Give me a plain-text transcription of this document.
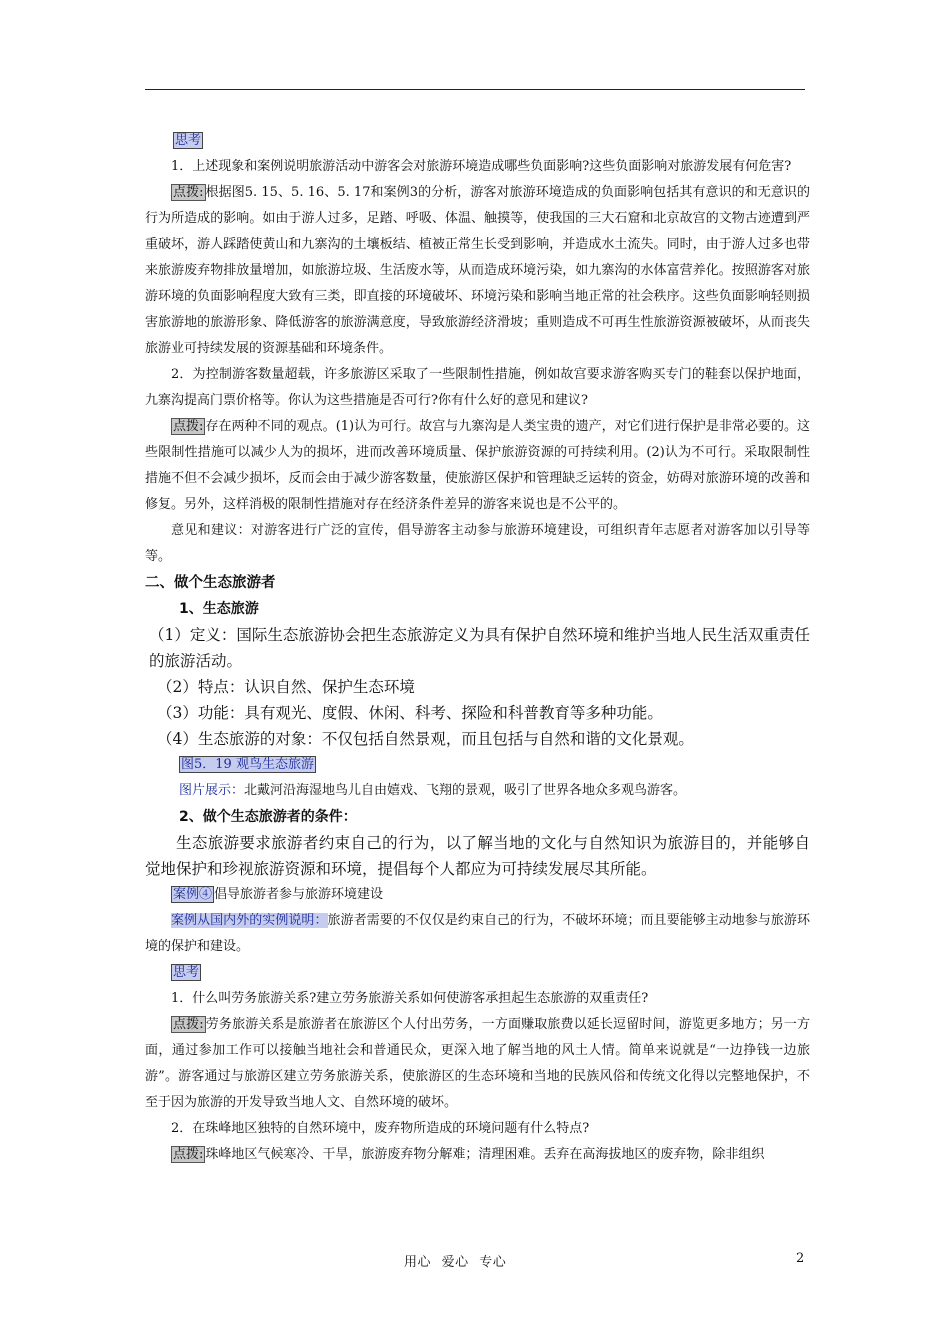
思考

1．上述现象和案例说明旅游活动中游客会对旅游环境造成哪些负面影响?这些负面影响对旅游发展有何危害?

点拨: 根据图5. 15、5. 16、5. 17和案例3的分析，游客对旅游环境造成的负面影响包括其有意识的和无意识的行为所造成的影响。如由于游人过多，足踏、呼吸、体温、触摸等，使我国的三大石窟和北京故宫的文物古迹遭到严重破坏，游人踩踏使黄山和九寨沟的土壤板结、植被正常生长受到影响，并造成水土流失。同时，由于游人过多也带来旅游废弃物排放量增加，如旅游垃圾、生活废水等，从而造成环境污染，如九寨沟的水体富营养化。按照游客对旅游环境的负面影响程度大致有三类，即直接的环境破坏、环境污染和影响当地正常的社会秩序。这些负面影响轻则损害旅游地的旅游形象、降低游客的旅游满意度，导致旅游经济滑坡；重则造成不可再生性旅游资源被破坏，从而丧失旅游业可持续发展的资源基础和环境条件。

2．为控制游客数量超载，许多旅游区采取了一些限制性措施，例如故宫要求游客购买专门的鞋套以保护地面，九寨沟提高门票价格等。你认为这些措施是否可行?你有什么好的意见和建议?

点拨: 存在两种不同的观点。(1)认为可行。故宫与九寨沟是人类宝贵的遗产，对它们进行保护是非常必要的。这些限制性措施可以减少人为的损坏，进而改善环境质量、保护旅游资源的可持续利用。(2)认为不可行。采取限制性措施不但不会减少损坏，反而会由于减少游客数量，使旅游区保护和管理缺乏运转的资金，妨碍对旅游环境的改善和修复。另外，这样消极的限制性措施对存在经济条件差异的游客来说也是不公平的。

意见和建议：对游客进行广泛的宣传，倡导游客主动参与旅游环境建设，可组织青年志愿者对游客加以引导等等。

二、做个生态旅游者

1、生态旅游

（1）定义：国际生态旅游协会把生态旅游定义为具有保护自然环境和维护当地人民生活双重责任的旅游活动。

（2）特点：认识自然、保护生态环境

（3）功能：具有观光、度假、休闲、科考、探险和科普教育等多种功能。

（4）生态旅游的对象：不仅包括自然景观，而且包括与自然和谐的文化景观。

图5．19 观鸟生态旅游

图片展示：北戴河沿海湿地鸟儿自由嬉戏、飞翔的景观，吸引了世界各地众多观鸟游客。

2、做个生态旅游者的条件：

生态旅游要求旅游者约束自己的行为，以了解当地的文化与自然知识为旅游目的，并能够自觉地保护和珍视旅游资源和环境，提倡每个人都应为可持续发展尽其所能。

案例④ 倡导旅游者参与旅游环境建设

案例从国内外的实例说明：旅游者需要的不仅仅是约束自己的行为，不破坏环境；而且要能够主动地参与旅游环境的保护和建设。

思考

1．什么叫劳务旅游关系?建立劳务旅游关系如何使游客承担起生态旅游的双重责任?

点拨: 劳务旅游关系是旅游者在旅游区个人付出劳务，一方面赚取旅费以延长逗留时间，游览更多地方；另一方面，通过参加工作可以接触当地社会和普通民众，更深入地了解当地的风土人情。简单来说就是“一边挣钱一边旅游”。游客通过与旅游区建立劳务旅游关系，使旅游区的生态环境和当地的民族风俗和传统文化得以完整地保护，不至于因为旅游的开发导致当地人文、自然环境的破坏。

2．在珠峰地区独特的自然环境中，废弃物所造成的环境问题有什么特点?

点拨: 珠峰地区气候寒冷、干旱，旅游废弃物分解难；清理困难。丢弃在高海拔地区的废弃物，除非组织

用心 爱心 专心	2
